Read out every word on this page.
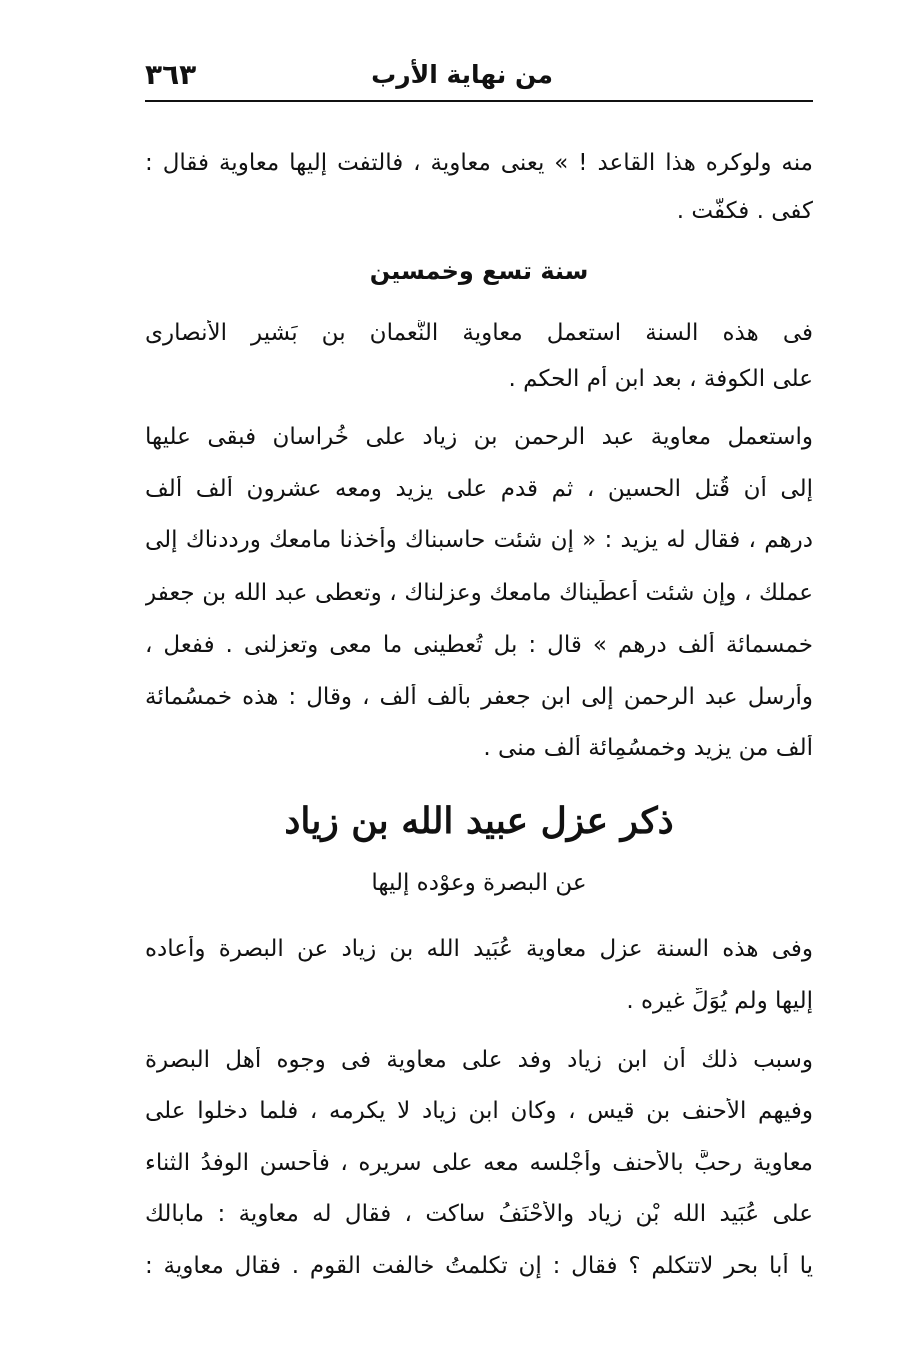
من نهاية الأرب
٣٦٣
منه ولوكره هذا القاعد ! » يعنى معاوية ، فالتفت إليها معاوية فقال :
كفى . فكفّت .
سنة تسع وخمسين
فى هذه السنة استعمل معاوية النُّعمان بن بَشير الأنصارى
على الكوفة ، بعد ابن أم الحكم .
واستعمل معاوية عبد الرحمن بن زياد على خُراسان فبقى عليها
إلى أن قُتل الحسين ، ثم قدم على يزيد ومعه عشرون ألف ألف
درهم ، فقال له يزيد : « إن شئت حاسبناك وأخذنا مامعك ورددناك إلى
عملك ، وإن شئت أعطَيناك مامعك وعزلناك ، وتعطى عبد الله بن جعفر
خمسمائة ألف درهم » قال : بل تُعطينى ما معى وتعزلنى . ففعل ،
وأرسل عبد الرحمن إلى ابن جعفر بألف ألف ، وقال : هذه خمسُمائة
ألف من يزيد وخمسُمِائة ألف منى .
ذكر عزل عبيد الله بن زياد
عن البصرة وعوْده إليها
وفى هذه السنة عزل معاوية عُبَيد الله بن زياد عن البصرة وأعاده
إليها ولم يُوَلِّ غيره .
وسبب ذلك أن ابن زياد وفد على معاوية فى وجوه أهل البصرة
وفيهم الأحنف بن قيس ، وكان ابن زياد لا يكرمه ، فلما دخلوا على
معاوية رحبَّ بالأحنف وأجْلسه معه على سريره ، فأحسن الوفدُ الثناء
على عُبَيد الله بْن زياد والأحْنَفُ ساكت ، فقال له معاوية : مابالك
يا أبا بحر لاتتكلم ؟ فقال : إن تكلمتُ خالفت القوم . فقال معاوية :
